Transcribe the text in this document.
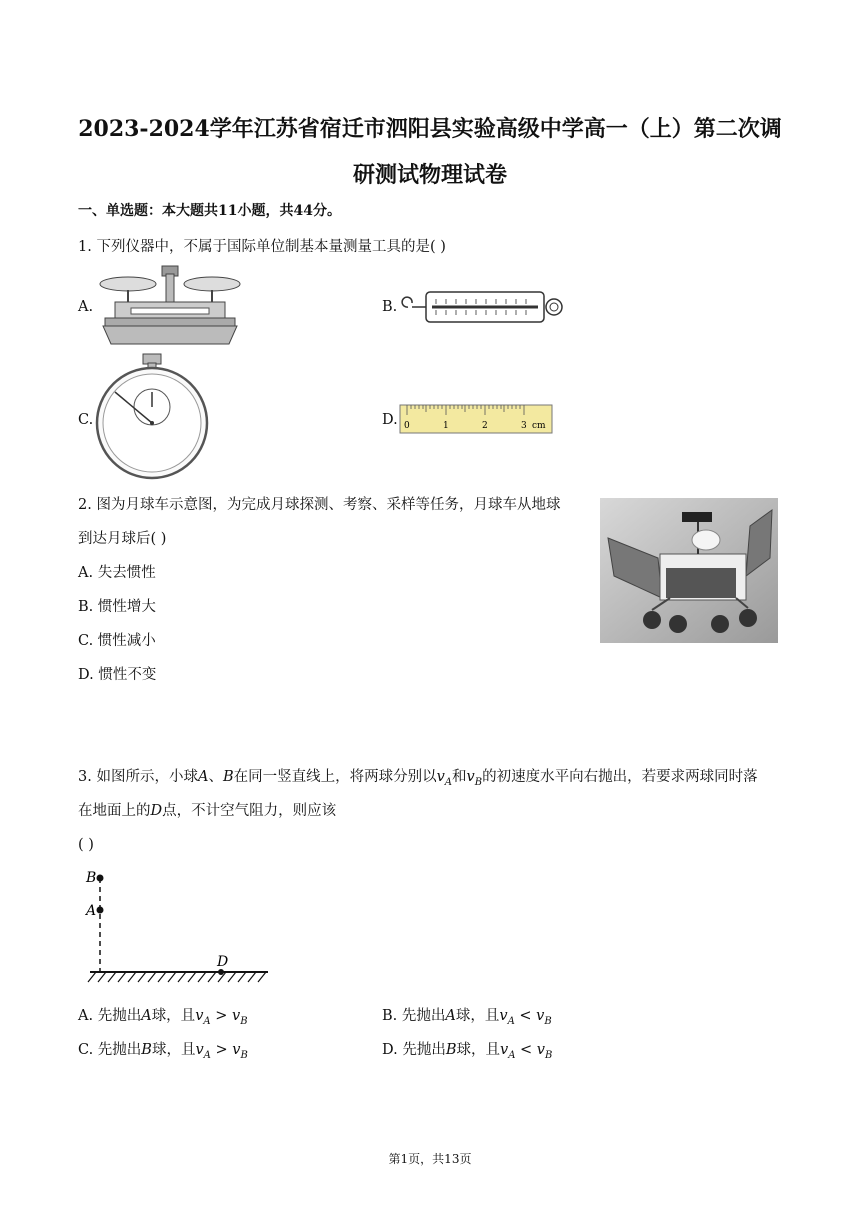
2023-2024学年江苏省宿迁市泗阳县实验高级中学高一（上）第二次调
研测试物理试卷
一、单选题：本大题共11小题，共44分。
1. 下列仪器中，不属于国际单位制基本量测量工具的是( )
A.	B.
C.	D. 0	1	2	3 cm
2. 图为月球车示意图，为完成月球探测、考察、采样等任务，月球车从地球
到达月球后( )
A. 失去惯性
B. 惯性增大
C. 惯性减小
D. 惯性不变
3. 如图所示，小球A、B在同一竖直线上，将两球分别以$v_A$和$v_B$的初速度水平向右抛出，若要求两球同时落
在地面上的D点，不计空气阻力，则应该
( )
B
A
D
A. 先抛出A球，且$v_A > v_B$	B. 先抛出A球，且$v_A < v_B$
C. 先抛出B球，且$v_A > v_B$	D. 先抛出B球，且$v_A < v_B$
第1页，共13页
